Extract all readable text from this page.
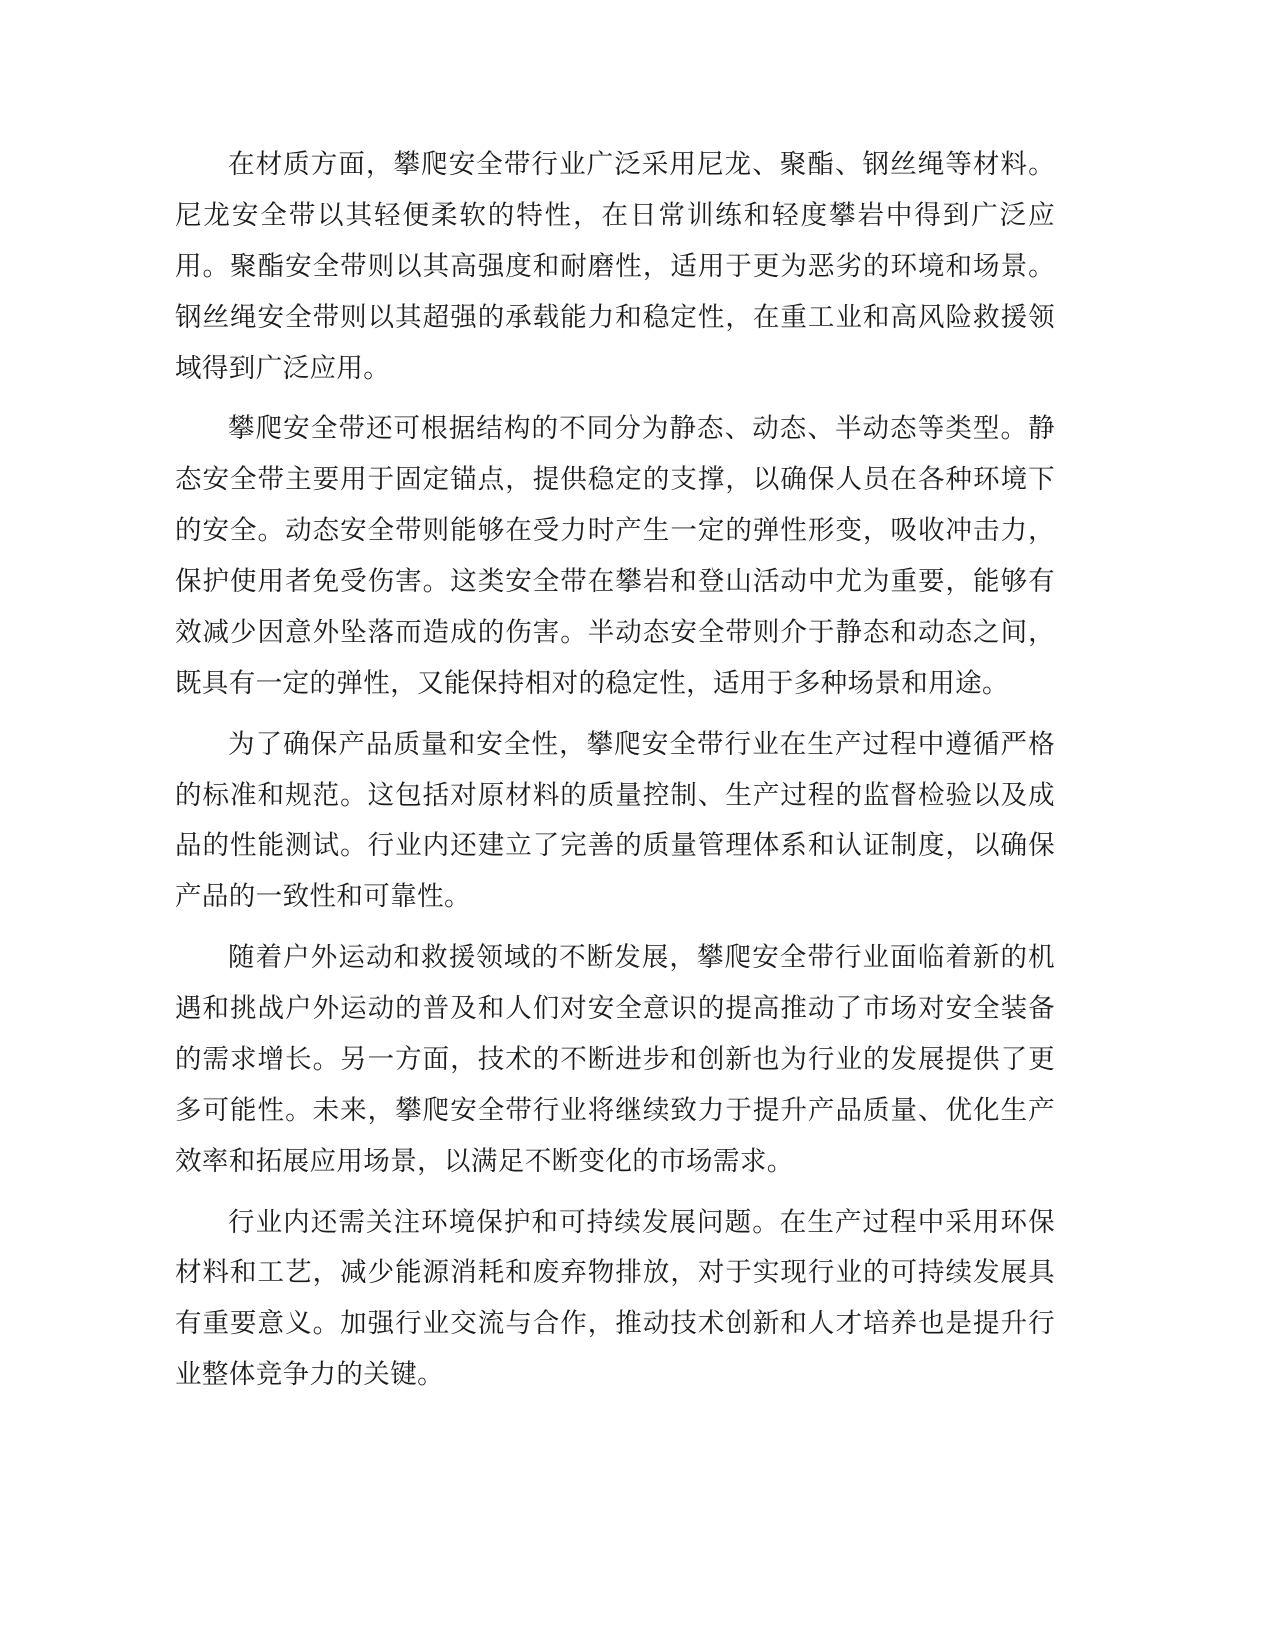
在材质方面，攀爬安全带行业广泛采用尼龙、聚酯、钢丝绳等材料。尼龙安全带以其轻便柔软的特性，在日常训练和轻度攀岩中得到广泛应用。聚酯安全带则以其高强度和耐磨性，适用于更为恶劣的环境和场景。钢丝绳安全带则以其超强的承载能力和稳定性，在重工业和高风险救援领域得到广泛应用。

攀爬安全带还可根据结构的不同分为静态、动态、半动态等类型。静态安全带主要用于固定锚点，提供稳定的支撑，以确保人员在各种环境下的安全。动态安全带则能够在受力时产生一定的弹性形变，吸收冲击力，保护使用者免受伤害。这类安全带在攀岩和登山活动中尤为重要，能够有效减少因意外坠落而造成的伤害。半动态安全带则介于静态和动态之间，既具有一定的弹性，又能保持相对的稳定性，适用于多种场景和用途。

为了确保产品质量和安全性，攀爬安全带行业在生产过程中遵循严格的标准和规范。这包括对原材料的质量控制、生产过程的监督检验以及成品的性能测试。行业内还建立了完善的质量管理体系和认证制度，以确保产品的一致性和可靠性。

随着户外运动和救援领域的不断发展，攀爬安全带行业面临着新的机遇和挑战户外运动的普及和人们对安全意识的提高推动了市场对安全装备的需求增长。另一方面，技术的不断进步和创新也为行业的发展提供了更多可能性。未来，攀爬安全带行业将继续致力于提升产品质量、优化生产效率和拓展应用场景，以满足不断变化的市场需求。

行业内还需关注环境保护和可持续发展问题。在生产过程中采用环保材料和工艺，减少能源消耗和废弃物排放，对于实现行业的可持续发展具有重要意义。加强行业交流与合作，推动技术创新和人才培养也是提升行业整体竞争力的关键。
